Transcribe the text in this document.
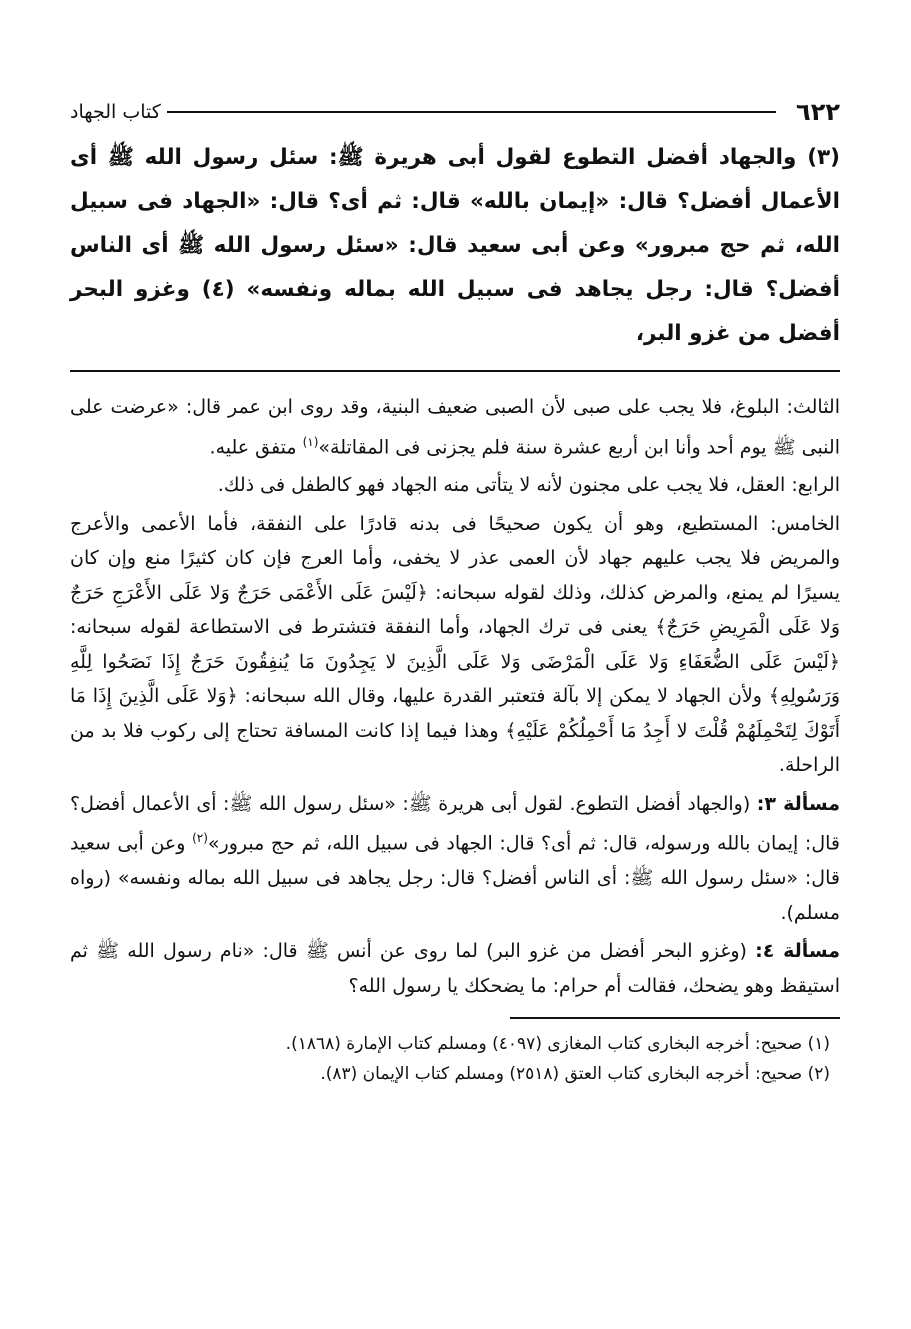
٦٢٢
كتاب الجهاد
(٣) والجهاد أفضل التطوع لقول أبى هريرة ﷺ: سئل رسول الله ﷺ أى الأعمال أفضل؟ قال: «إيمان بالله» قال: ثم أى؟ قال: «الجهاد فى سبيل الله، ثم حج مبرور» وعن أبى سعيد قال: «سئل رسول الله ﷺ أى الناس أفضل؟ قال: رجل يجاهد فى سبيل الله بماله ونفسه» (٤) وغزو البحر أفضل من غزو البر،

الثالث: البلوغ، فلا يجب على صبى لأن الصبى ضعيف البنية، وقد روى ابن عمر قال: «عرضت على النبى ﷺ يوم أحد وأنا ابن أربع عشرة سنة فلم يجزنى فى المقاتلة»$^{(١)}$ متفق عليه.

الرابع: العقل، فلا يجب على مجنون لأنه لا يتأتى منه الجهاد فهو كالطفل فى ذلك.

الخامس: المستطيع، وهو أن يكون صحيحًا فى بدنه قادرًا على النفقة، فأما الأعمى والأعرج والمريض فلا يجب عليهم جهاد لأن العمى عذر لا يخفى، وأما العرج فإن كان كثيرًا منع وإن كان يسيرًا لم يمنع، والمرض كذلك، وذلك لقوله سبحانه: ﴿لَيْسَ عَلَى الأَعْمَى حَرَجٌ وَلا عَلَى الأَعْرَجِ حَرَجٌ وَلا عَلَى الْمَرِيضِ حَرَجٌ﴾ يعنى فى ترك الجهاد، وأما النفقة فتشترط فى الاستطاعة لقوله سبحانه: ﴿لَيْسَ عَلَى الضُّعَفَاءِ وَلا عَلَى الْمَرْضَى وَلا عَلَى الَّذِينَ لا يَجِدُونَ مَا يُنفِقُونَ حَرَجٌ إِذَا نَصَحُوا لِلَّهِ وَرَسُولِهِ﴾ ولأن الجهاد لا يمكن إلا بآلة فتعتبر القدرة عليها، وقال الله سبحانه: ﴿وَلا عَلَى الَّذِينَ إِذَا مَا أَتَوْكَ لِتَحْمِلَهُمْ قُلْتَ لا أَجِدُ مَا أَحْمِلُكُمْ عَلَيْهِ﴾ وهذا فيما إذا كانت المسافة تحتاج إلى ركوب فلا بد من الراحلة.

مسألة ٣: (والجهاد أفضل التطوع. لقول أبى هريرة ﷺ: «سئل رسول الله ﷺ: أى الأعمال أفضل؟ قال: إيمان بالله ورسوله، قال: ثم أى؟ قال: الجهاد فى سبيل الله، ثم حج مبرور»$^{(٢)}$ وعن أبى سعيد قال: «سئل رسول الله ﷺ: أى الناس أفضل؟ قال: رجل يجاهد فى سبيل الله بماله ونفسه» (رواه مسلم).

مسألة ٤: (وغزو البحر أفضل من غزو البر) لما روى عن أنس ﷺ قال: «نام رسول الله ﷺ ثم استيقظ وهو يضحك، فقالت أم حرام: ما يضحكك يا رسول الله؟

(١) صحيح: أخرجه البخارى كتاب المغازى (٤٠٩٧) ومسلم كتاب الإمارة (١٨٦٨).
(٢) صحيح: أخرجه البخارى كتاب العتق (٢٥١٨) ومسلم كتاب الإيمان (٨٣).
